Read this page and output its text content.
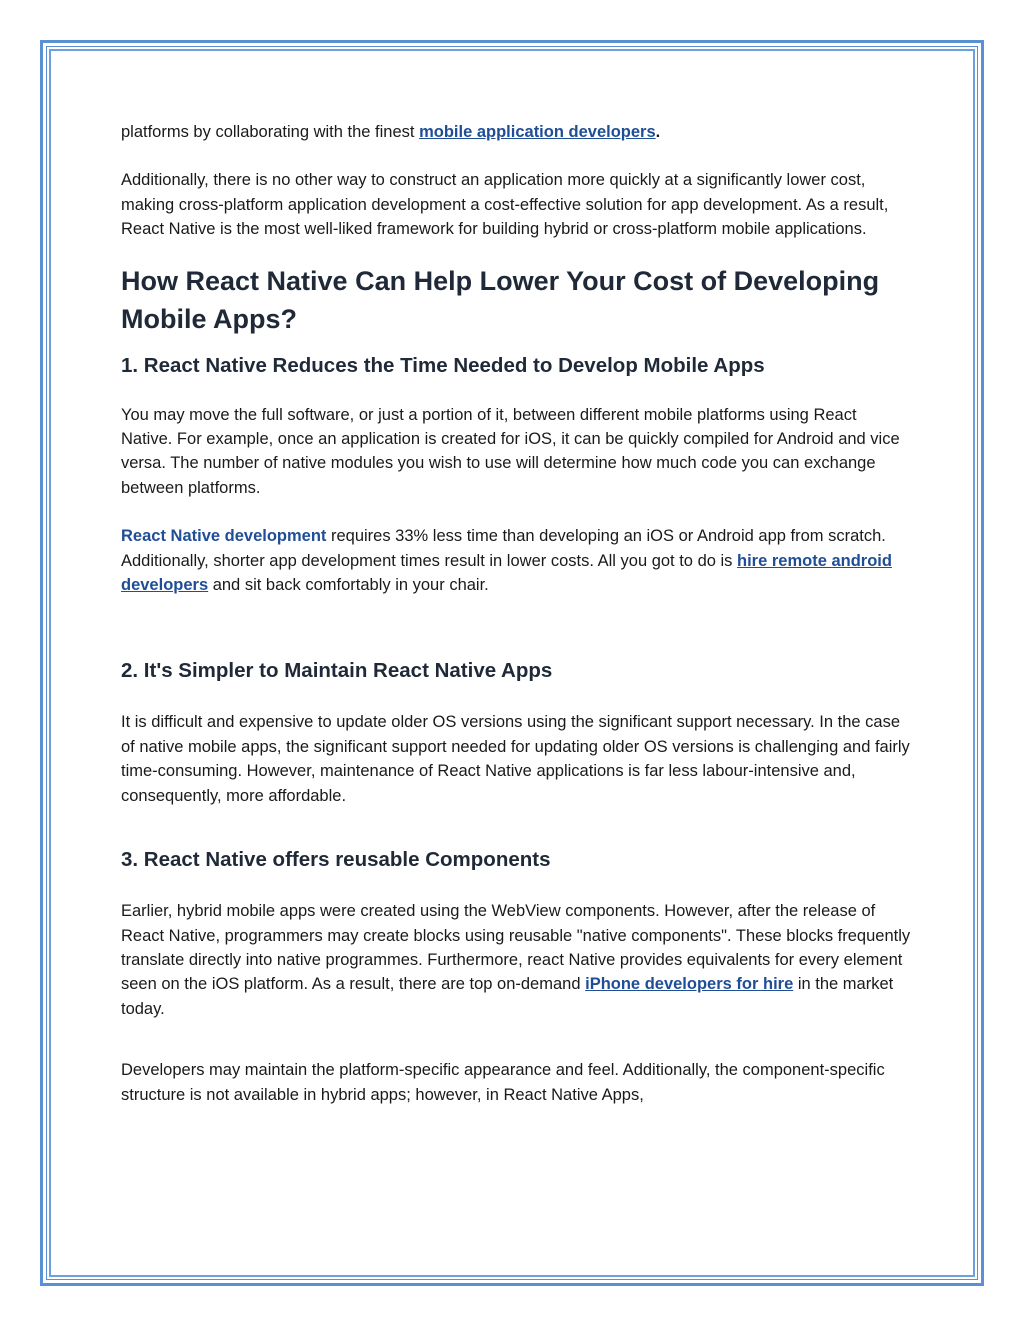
platforms by collaborating with the finest mobile application developers.

Additionally, there is no other way to construct an application more quickly at a significantly lower cost, making cross-platform application development a cost-effective solution for app development. As a result, React Native is the most well-liked framework for building hybrid or cross-platform mobile applications.

How React Native Can Help Lower Your Cost of Developing Mobile Apps?
1. React Native Reduces the Time Needed to Develop Mobile Apps

You may move the full software, or just a portion of it, between different mobile platforms using React Native. For example, once an application is created for iOS, it can be quickly compiled for Android and vice versa. The number of native modules you wish to use will determine how much code you can exchange between platforms.

React Native development requires 33% less time than developing an iOS or Android app from scratch. Additionally, shorter app development times result in lower costs. All you got to do is hire remote android developers and sit back comfortably in your chair.

2. It's Simpler to Maintain React Native Apps

It is difficult and expensive to update older OS versions using the significant support necessary. In the case of native mobile apps, the significant support needed for updating older OS versions is challenging and fairly time-consuming. However, maintenance of React Native applications is far less labour-intensive and, consequently, more affordable.

3. React Native offers reusable Components

Earlier, hybrid mobile apps were created using the WebView components. However, after the release of React Native, programmers may create blocks using reusable "native components". These blocks frequently translate directly into native programmes. Furthermore, react Native provides equivalents for every element seen on the iOS platform. As a result, there are top on-demand iPhone developers for hire in the market today.

Developers may maintain the platform-specific appearance and feel. Additionally, the component-specific structure is not available in hybrid apps; however, in React Native Apps,
